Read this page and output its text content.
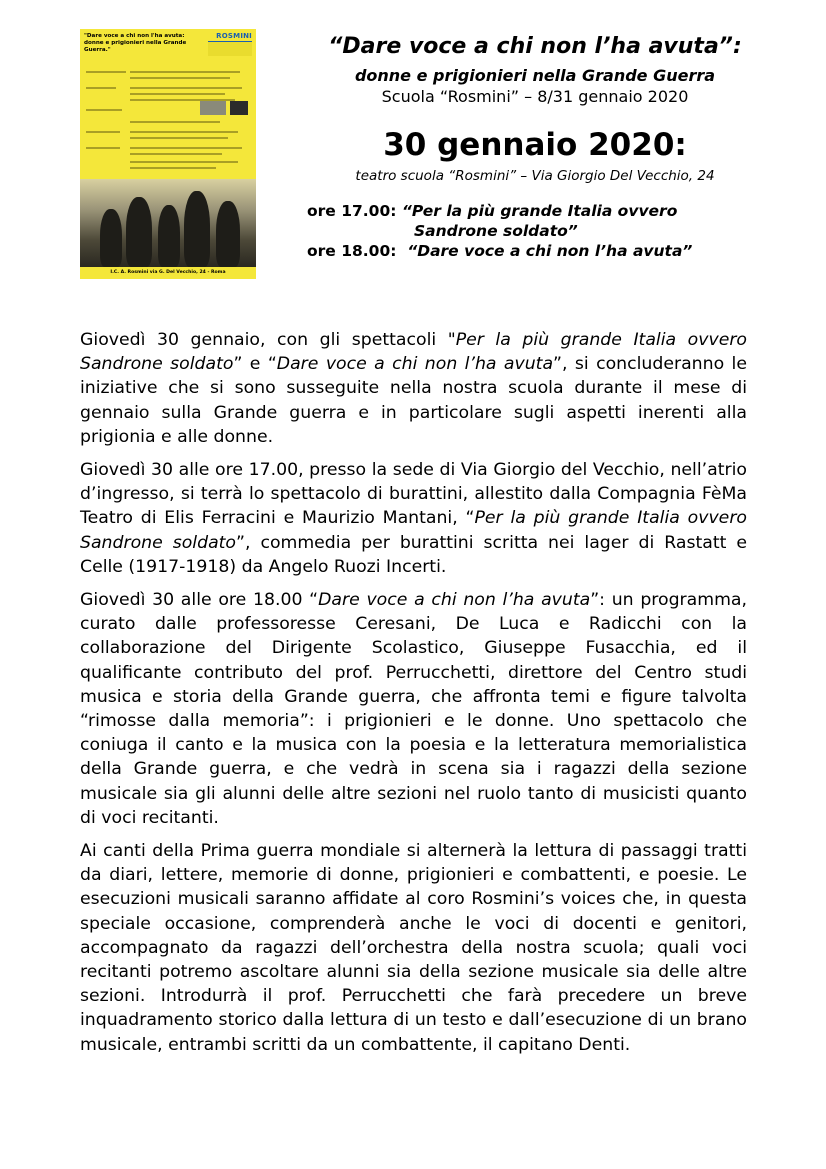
"Dare voce a chi non l'ha avuta:
donne e prigionieri nella Grande Guerra."
ROSMINI
I.C. A. Rosmini via G. Del Vecchio, 24 - Roma
“Dare voce a chi non l’ha avuta”:
donne e prigionieri nella Grande Guerra
Scuola “Rosmini” – 8/31 gennaio 2020
30 gennaio 2020:
teatro scuola “Rosmini” – Via Giorgio Del Vecchio, 24
ore 17.00: “Per la più grande Italia ovvero
Sandrone soldato”
ore 18.00: “Dare voce a chi non l’ha avuta”

Giovedì 30 gennaio, con gli spettacoli "Per la più grande Italia ovvero Sandrone soldato” e “Dare voce a chi non l’ha avuta”, si concluderanno le iniziative che si sono susseguite nella nostra scuola durante il mese di gennaio sulla Grande guerra e in particolare sugli aspetti inerenti alla prigionia e alle donne.

Giovedì 30 alle ore 17.00, presso la sede di Via Giorgio del Vecchio, nell’atrio d’ingresso, si terrà lo spettacolo di burattini, allestito dalla Compagnia FèMa Teatro di Elis Ferracini e Maurizio Mantani, “Per la più grande Italia ovvero Sandrone soldato”, commedia per burattini scritta nei lager di Rastatt e Celle (1917-1918) da Angelo Ruozi Incerti.

Giovedì 30 alle ore 18.00 “Dare voce a chi non l’ha avuta”: un programma, curato dalle professoresse Ceresani, De Luca e Radicchi con la collaborazione del Dirigente Scolastico, Giuseppe Fusacchia, ed il qualificante contributo del prof. Perrucchetti, direttore del Centro studi musica e storia della Grande guerra, che affronta temi e figure talvolta “rimosse dalla memoria”: i prigionieri e le donne. Uno spettacolo che coniuga il canto e la musica con la poesia e la letteratura memorialistica della Grande guerra, e che vedrà in scena sia i ragazzi della sezione musicale sia gli alunni delle altre sezioni nel ruolo tanto di musicisti quanto di voci recitanti.

Ai canti della Prima guerra mondiale si alternerà la lettura di passaggi tratti da diari, lettere, memorie di donne, prigionieri e combattenti, e poesie. Le esecuzioni musicali saranno affidate al coro Rosmini’s voices che, in questa speciale occasione, comprenderà anche le voci di docenti e genitori, accompagnato da ragazzi dell’orchestra della nostra scuola; quali voci recitanti potremo ascoltare alunni sia della sezione musicale sia delle altre sezioni. Introdurrà il prof. Perrucchetti che farà precedere un breve inquadramento storico dalla lettura di un testo e dall’esecuzione di un brano musicale, entrambi scritti da un combattente, il capitano Denti.
